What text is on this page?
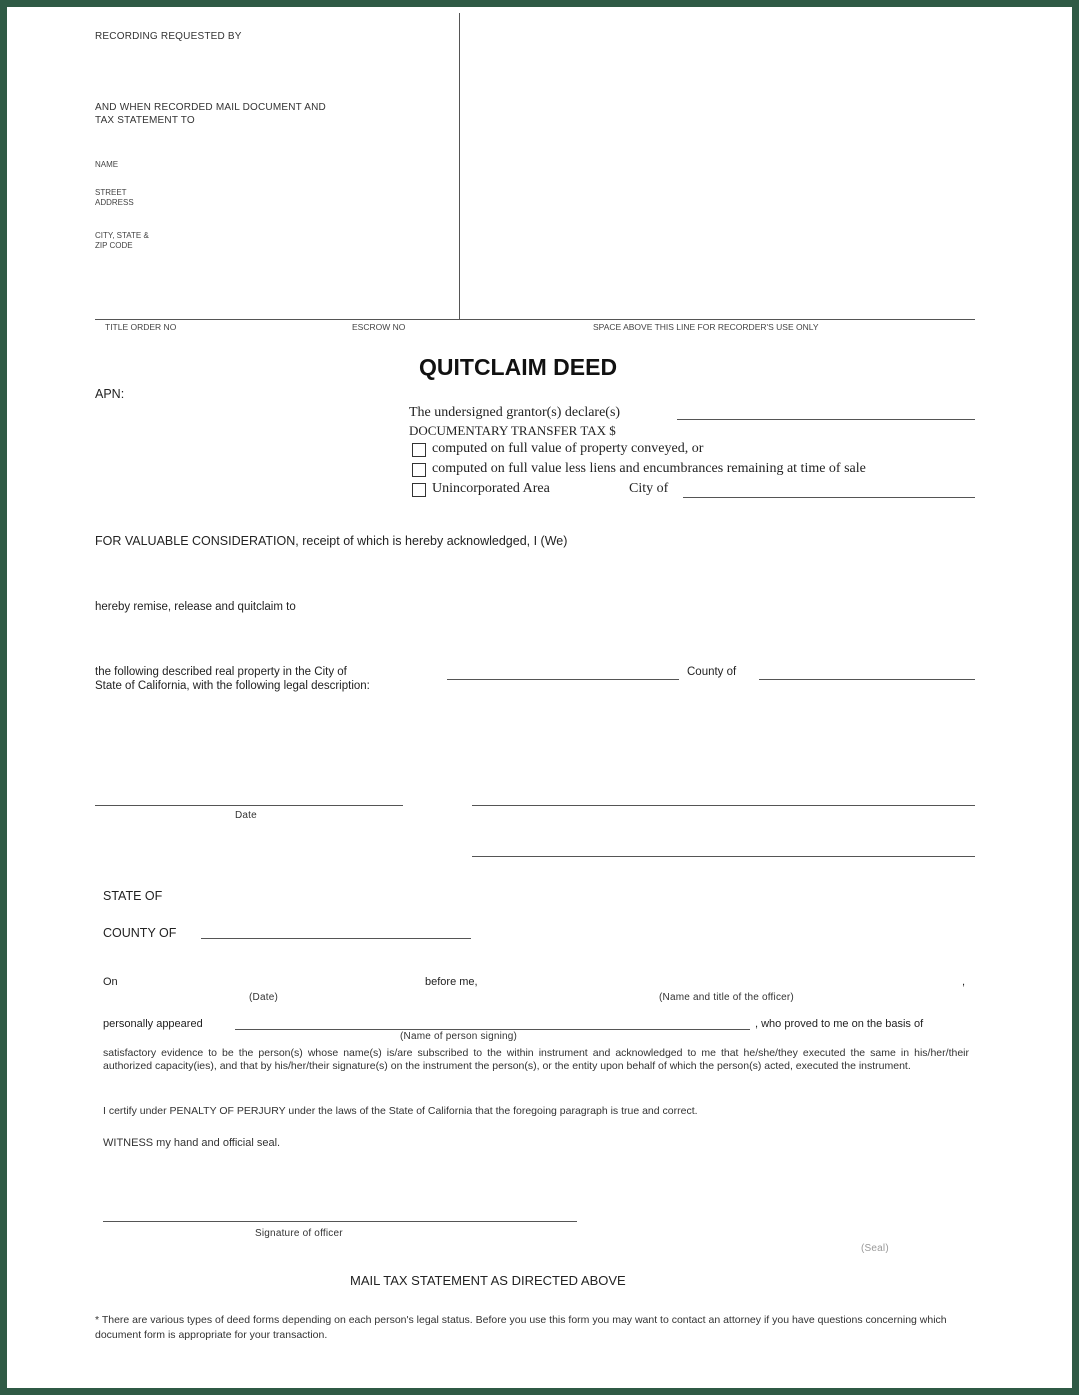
RECORDING REQUESTED BY
AND WHEN RECORDED MAIL DOCUMENT AND
TAX STATEMENT TO
NAME
STREET
ADDRESS
CITY, STATE &
ZIP CODE
TITLE ORDER NO	ESCROW NO	SPACE ABOVE THIS LINE FOR RECORDER'S USE ONLY
QUITCLAIM DEED
APN:
The undersigned grantor(s) declare(s)
DOCUMENTARY TRANSFER TAX $
computed on full value of property conveyed, or
computed on full value less liens and encumbrances remaining at time of sale
Unincorporated Area	City of
FOR VALUABLE CONSIDERATION, receipt of which is hereby acknowledged, I (We)
hereby remise, release and quitclaim to
the following described real property in the City of	County of
State of California, with the following legal description:
Date
STATE OF
COUNTY OF
On	before me,	,
(Date)	(Name and title of the officer)
personally appeared	, who proved to me on the basis of
(Name of person signing)
satisfactory evidence to be the person(s) whose name(s) is/are subscribed to the within instrument and acknowledged to me that he/she/they executed the same in his/her/their authorized capacity(ies), and that by his/her/their signature(s) on the instrument the person(s), or the entity upon behalf of which the person(s) acted, executed the instrument.
I certify under PENALTY OF PERJURY under the laws of the State of California that the foregoing paragraph is true and correct.
WITNESS my hand and official seal.
Signature of officer
(Seal)
MAIL TAX STATEMENT AS DIRECTED ABOVE
* There are various types of deed forms depending on each person's legal status. Before you use this form you may want to contact an attorney if you have questions concerning which document form is appropriate for your transaction.
